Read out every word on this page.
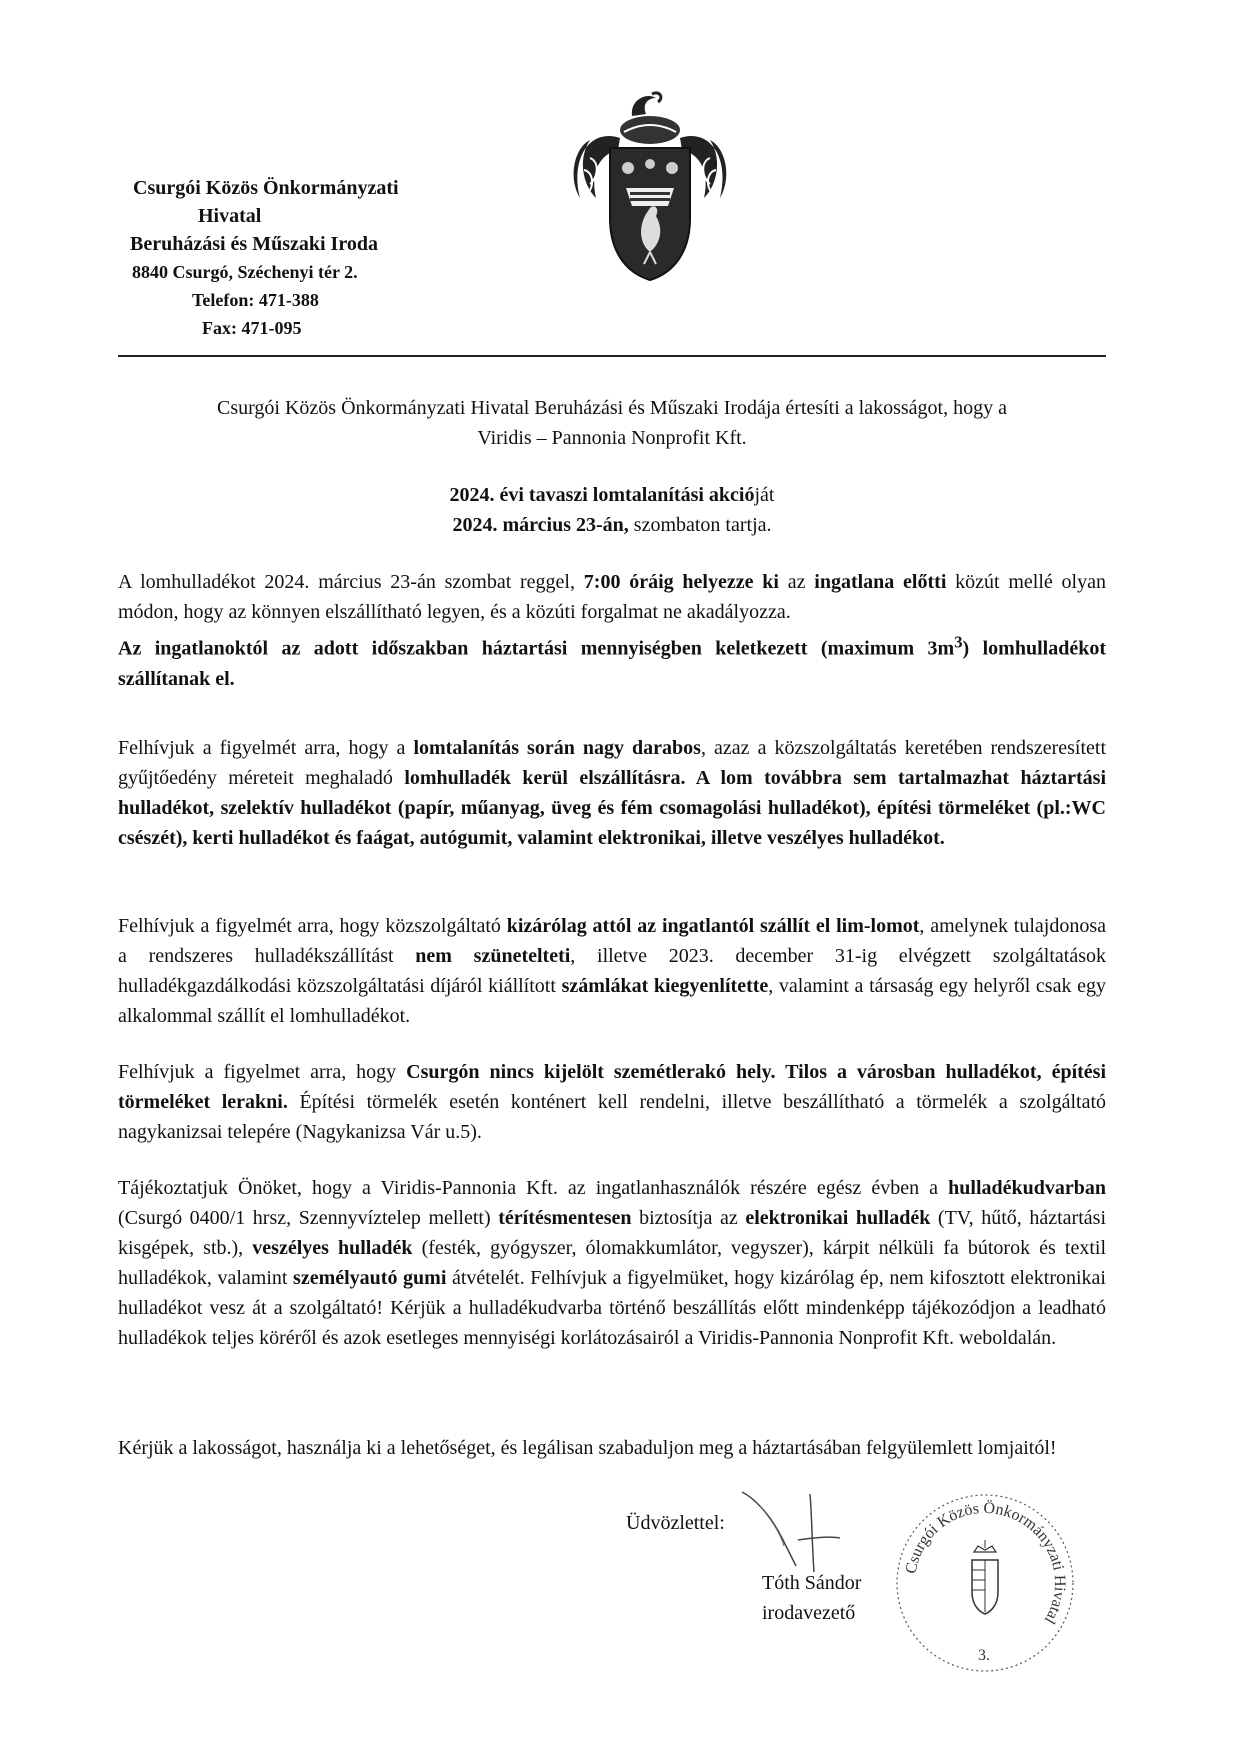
Csurgói Közös Önkormányzati
Hivatal
Beruházási és Műszaki Iroda
8840 Csurgó, Széchenyi tér 2.
Telefon: 471-388
Fax: 471-095
Csurgói Közös Önkormányzati Hivatal Beruházási és Műszaki Irodája értesíti a lakosságot, hogy a
Viridis – Pannonia Nonprofit Kft.
2024. évi tavaszi lomtalanítási akcióját
2024. március 23-án, szombaton tartja.
A lomhulladékot 2024. március 23-án szombat reggel, 7:00 óráig helyezze ki az ingatlana előtti közút mellé olyan módon, hogy az könnyen elszállítható legyen, és a közúti forgalmat ne akadályozza.
Az ingatlanoktól az adott időszakban háztartási mennyiségben keletkezett (maximum $3m^3$) lomhulladékot szállítanak el.
Felhívjuk a figyelmét arra, hogy a lomtalanítás során nagy darabos, azaz a közszolgáltatás keretében rendszeresített gyűjtőedény méreteit meghaladó lomhulladék kerül elszállításra. A lom továbbra sem tartalmazhat háztartási hulladékot, szelektív hulladékot (papír, műanyag, üveg és fém csomagolási hulladékot), építési törmeléket (pl.:WC csészét), kerti hulladékot és faágat, autógumit, valamint elektronikai, illetve veszélyes hulladékot.
Felhívjuk a figyelmét arra, hogy közszolgáltató kizárólag attól az ingatlantól szállít el lim-lomot, amelynek tulajdonosa a rendszeres hulladékszállítást nem szünetelteti, illetve 2023. december 31-ig elvégzett szolgáltatások hulladékgazdálkodási közszolgáltatási díjáról kiállított számlákat kiegyenlítette, valamint a társaság egy helyről csak egy alkalommal szállít el lomhulladékot.
Felhívjuk a figyelmet arra, hogy Csurgón nincs kijelölt szemétlerakó hely. Tilos a városban hulladékot, építési törmeléket lerakni. Építési törmelék esetén konténert kell rendelni, illetve beszállítható a törmelék a szolgáltató nagykanizsai telepére (Nagykanizsa Vár u.5).
Tájékoztatjuk Önöket, hogy a Viridis-Pannonia Kft. az ingatlanhasználók részére egész évben a hulladékudvarban (Csurgó 0400/1 hrsz, Szennyvíztelep mellett) térítésmentesen biztosítja az elektronikai hulladék (TV, hűtő, háztartási kisgépek, stb.), veszélyes hulladék (festék, gyógyszer, ólomakkumlátor, vegyszer), kárpit nélküli fa bútorok és textil hulladékok, valamint személyautó gumi átvételét. Felhívjuk a figyelmüket, hogy kizárólag ép, nem kifosztott elektronikai hulladékot vesz át a szolgáltató! Kérjük a hulladékudvarba történő beszállítás előtt mindenképp tájékozódjon a leadható hulladékok teljes köréről és azok esetleges mennyiségi korlátozásairól a Viridis-Pannonia Nonprofit Kft. weboldalán.
Kérjük a lakosságot, használja ki a lehetőséget, és legálisan szabaduljon meg a háztartásában felgyülemlett lomjaitól!
Üdvözlettel:
Tóth Sándor
irodavezető
Csurgói Közös Önkormányzati Hivatal
3.
